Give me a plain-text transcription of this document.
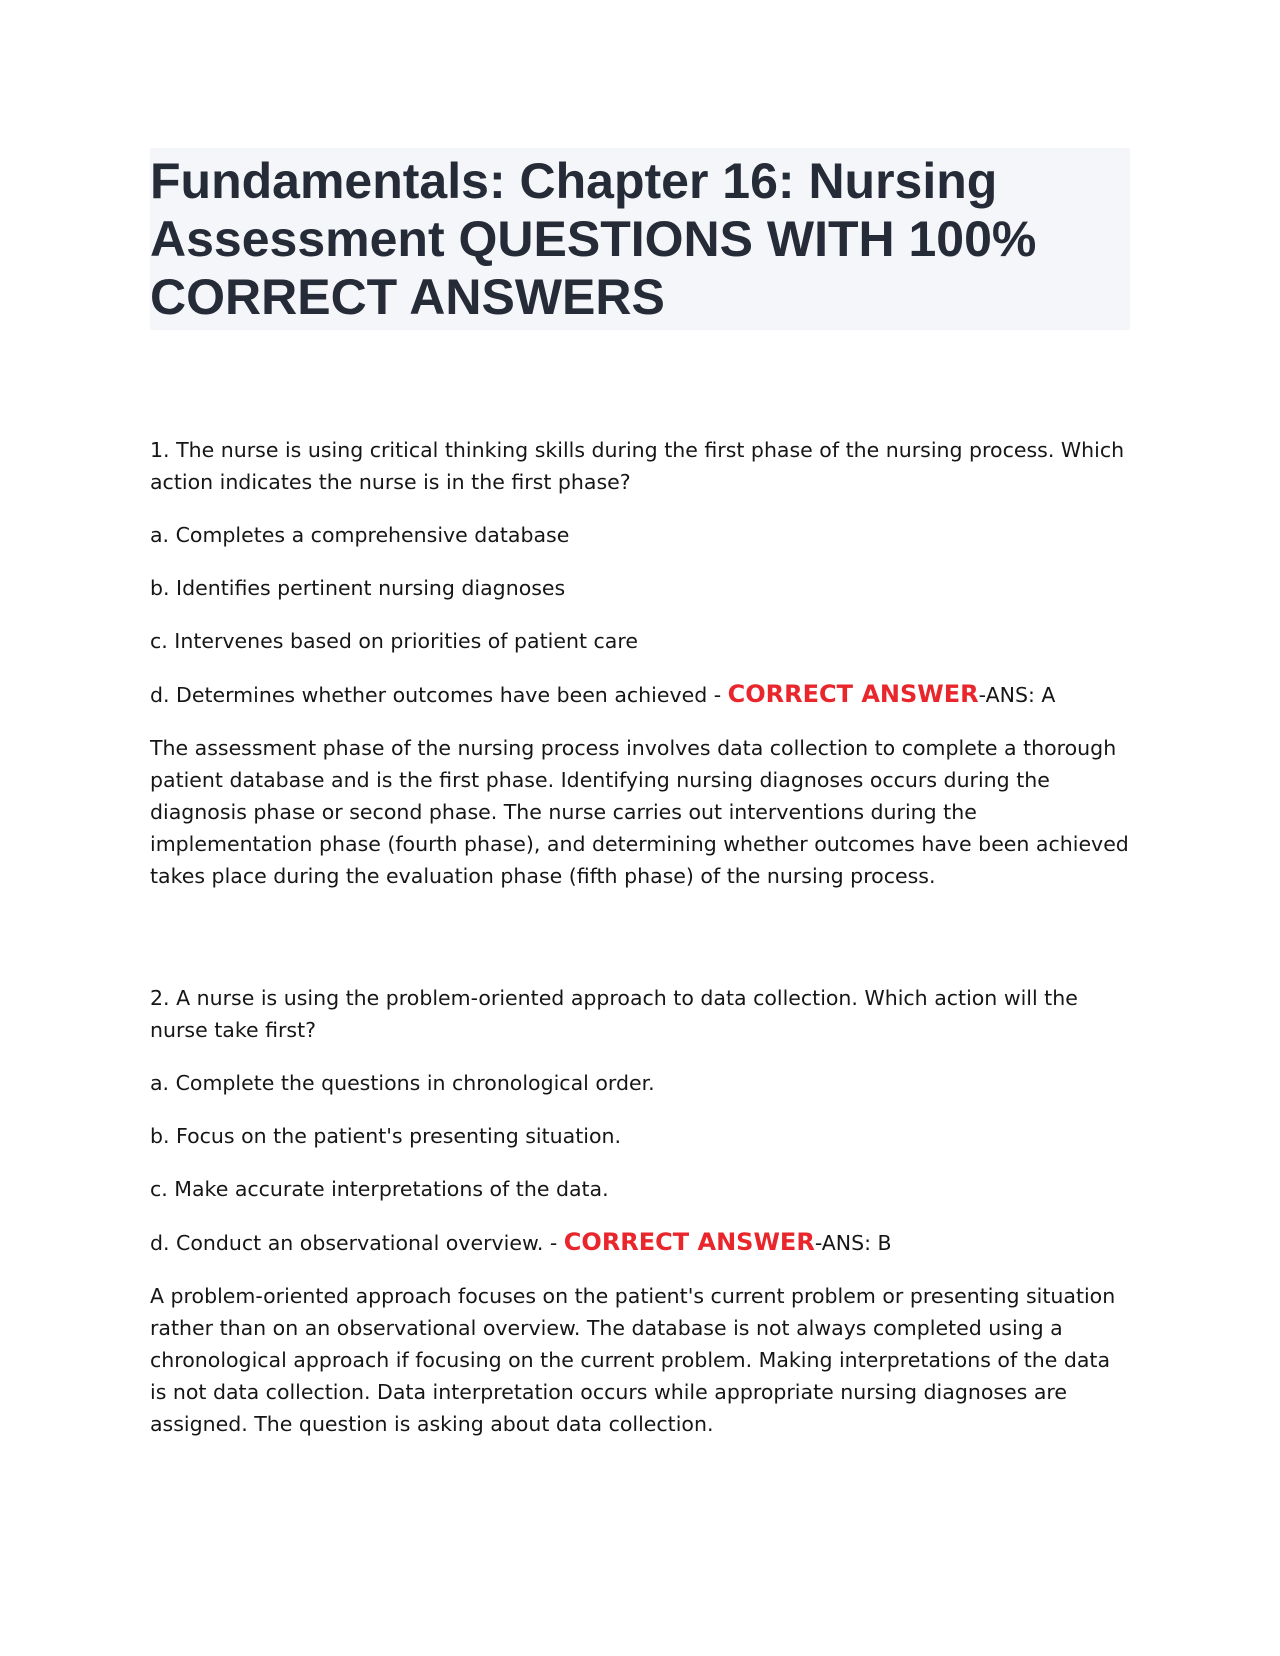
Fundamentals: Chapter 16: Nursing Assessment QUESTIONS WITH 100% CORRECT ANSWERS

1. The nurse is using critical thinking skills during the first phase of the nursing process. Which action indicates the nurse is in the first phase?

a. Completes a comprehensive database

b. Identifies pertinent nursing diagnoses

c. Intervenes based on priorities of patient care

d. Determines whether outcomes have been achieved - CORRECT ANSWER-ANS: A

The assessment phase of the nursing process involves data collection to complete a thorough patient database and is the first phase. Identifying nursing diagnoses occurs during the diagnosis phase or second phase. The nurse carries out interventions during the implementation phase (fourth phase), and determining whether outcomes have been achieved takes place during the evaluation phase (fifth phase) of the nursing process.

2. A nurse is using the problem-oriented approach to data collection. Which action will the nurse take first?

a. Complete the questions in chronological order.

b. Focus on the patient's presenting situation.

c. Make accurate interpretations of the data.

d. Conduct an observational overview. - CORRECT ANSWER-ANS: B

A problem-oriented approach focuses on the patient's current problem or presenting situation rather than on an observational overview. The database is not always completed using a chronological approach if focusing on the current problem. Making interpretations of the data is not data collection. Data interpretation occurs while appropriate nursing diagnoses are assigned. The question is asking about data collection.
